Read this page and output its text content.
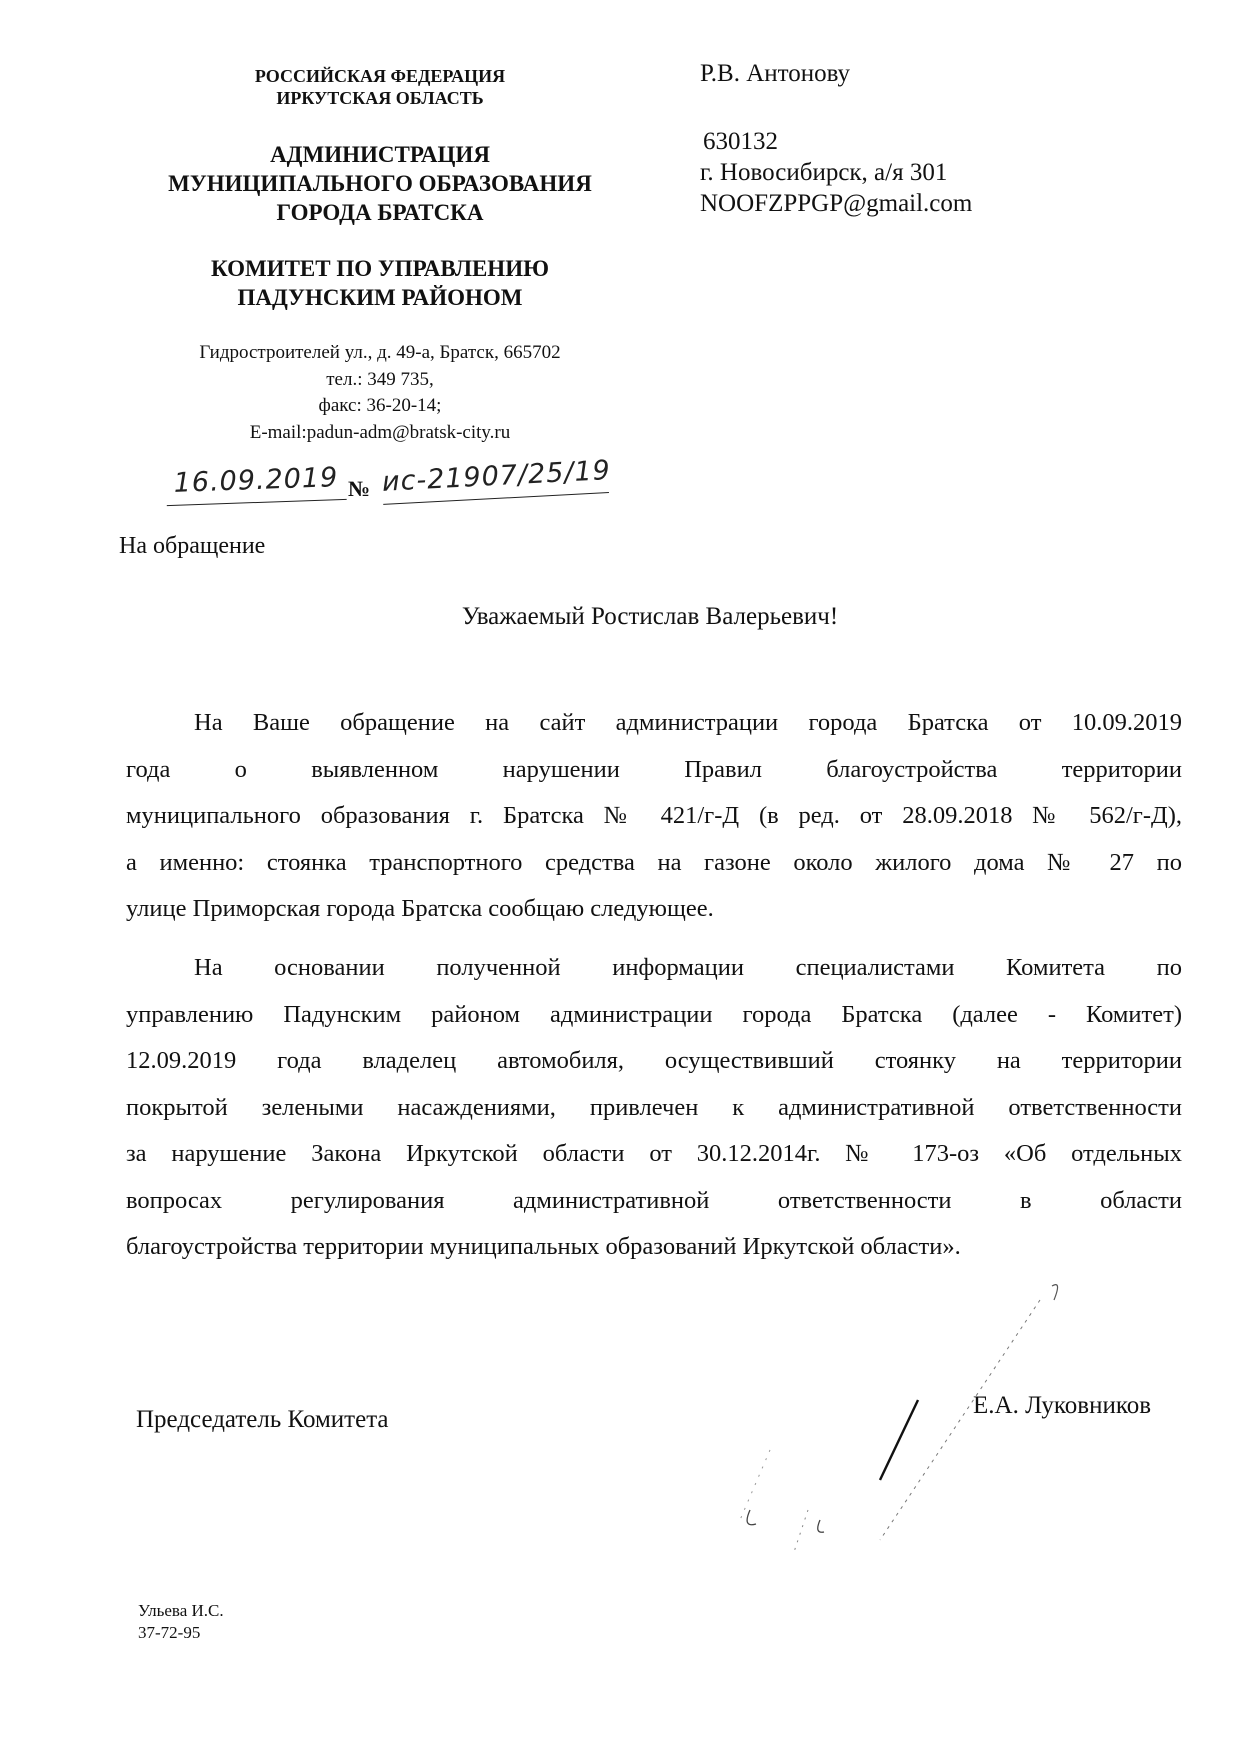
РОССИЙСКАЯ ФЕДЕРАЦИЯ
ИРКУТСКАЯ ОБЛАСТЬ
АДМИНИСТРАЦИЯ
МУНИЦИПАЛЬНОГО ОБРАЗОВАНИЯ
ГОРОДА БРАТСКА
КОМИТЕТ ПО УПРАВЛЕНИЮ
ПАДУНСКИМ РАЙОНОМ
Гидростроителей ул., д. 49-а, Братск, 665702
тел.: 349 735,
факс: 36-20-14;
E-mail:padun-adm@bratsk-city.ru
16.09.2019 № ис-21907/25/19
Р.В. Антонову
630132
г. Новосибирск, а/я 301
NOOFZPPGP@gmail.com
На обращение
Уважаемый Ростислав Валерьевич!
На Ваше обращение на сайт администрации города Братска от 10.09.2019
года о выявленном нарушении Правил благоустройства территории
муниципального образования г. Братска № 421/г-Д (в ред. от 28.09.2018 № 562/г-Д),
а именно: стоянка транспортного средства на газоне около жилого дома № 27 по
улице Приморская города Братска сообщаю следующее.
На основании полученной информации специалистами Комитета по
управлению Падунским районом администрации города Братска (далее - Комитет)
12.09.2019 года владелец автомобиля, осуществивший стоянку на территории
покрытой зелеными насаждениями, привлечен к административной ответственности
за нарушение Закона Иркутской области от 30.12.2014г. № 173-оз «Об отдельных
вопросах регулирования административной ответственности в области
благоустройства территории муниципальных образований Иркутской области».
Председатель Комитета
Е.А. Луковников
Ульева И.С.
37-72-95
